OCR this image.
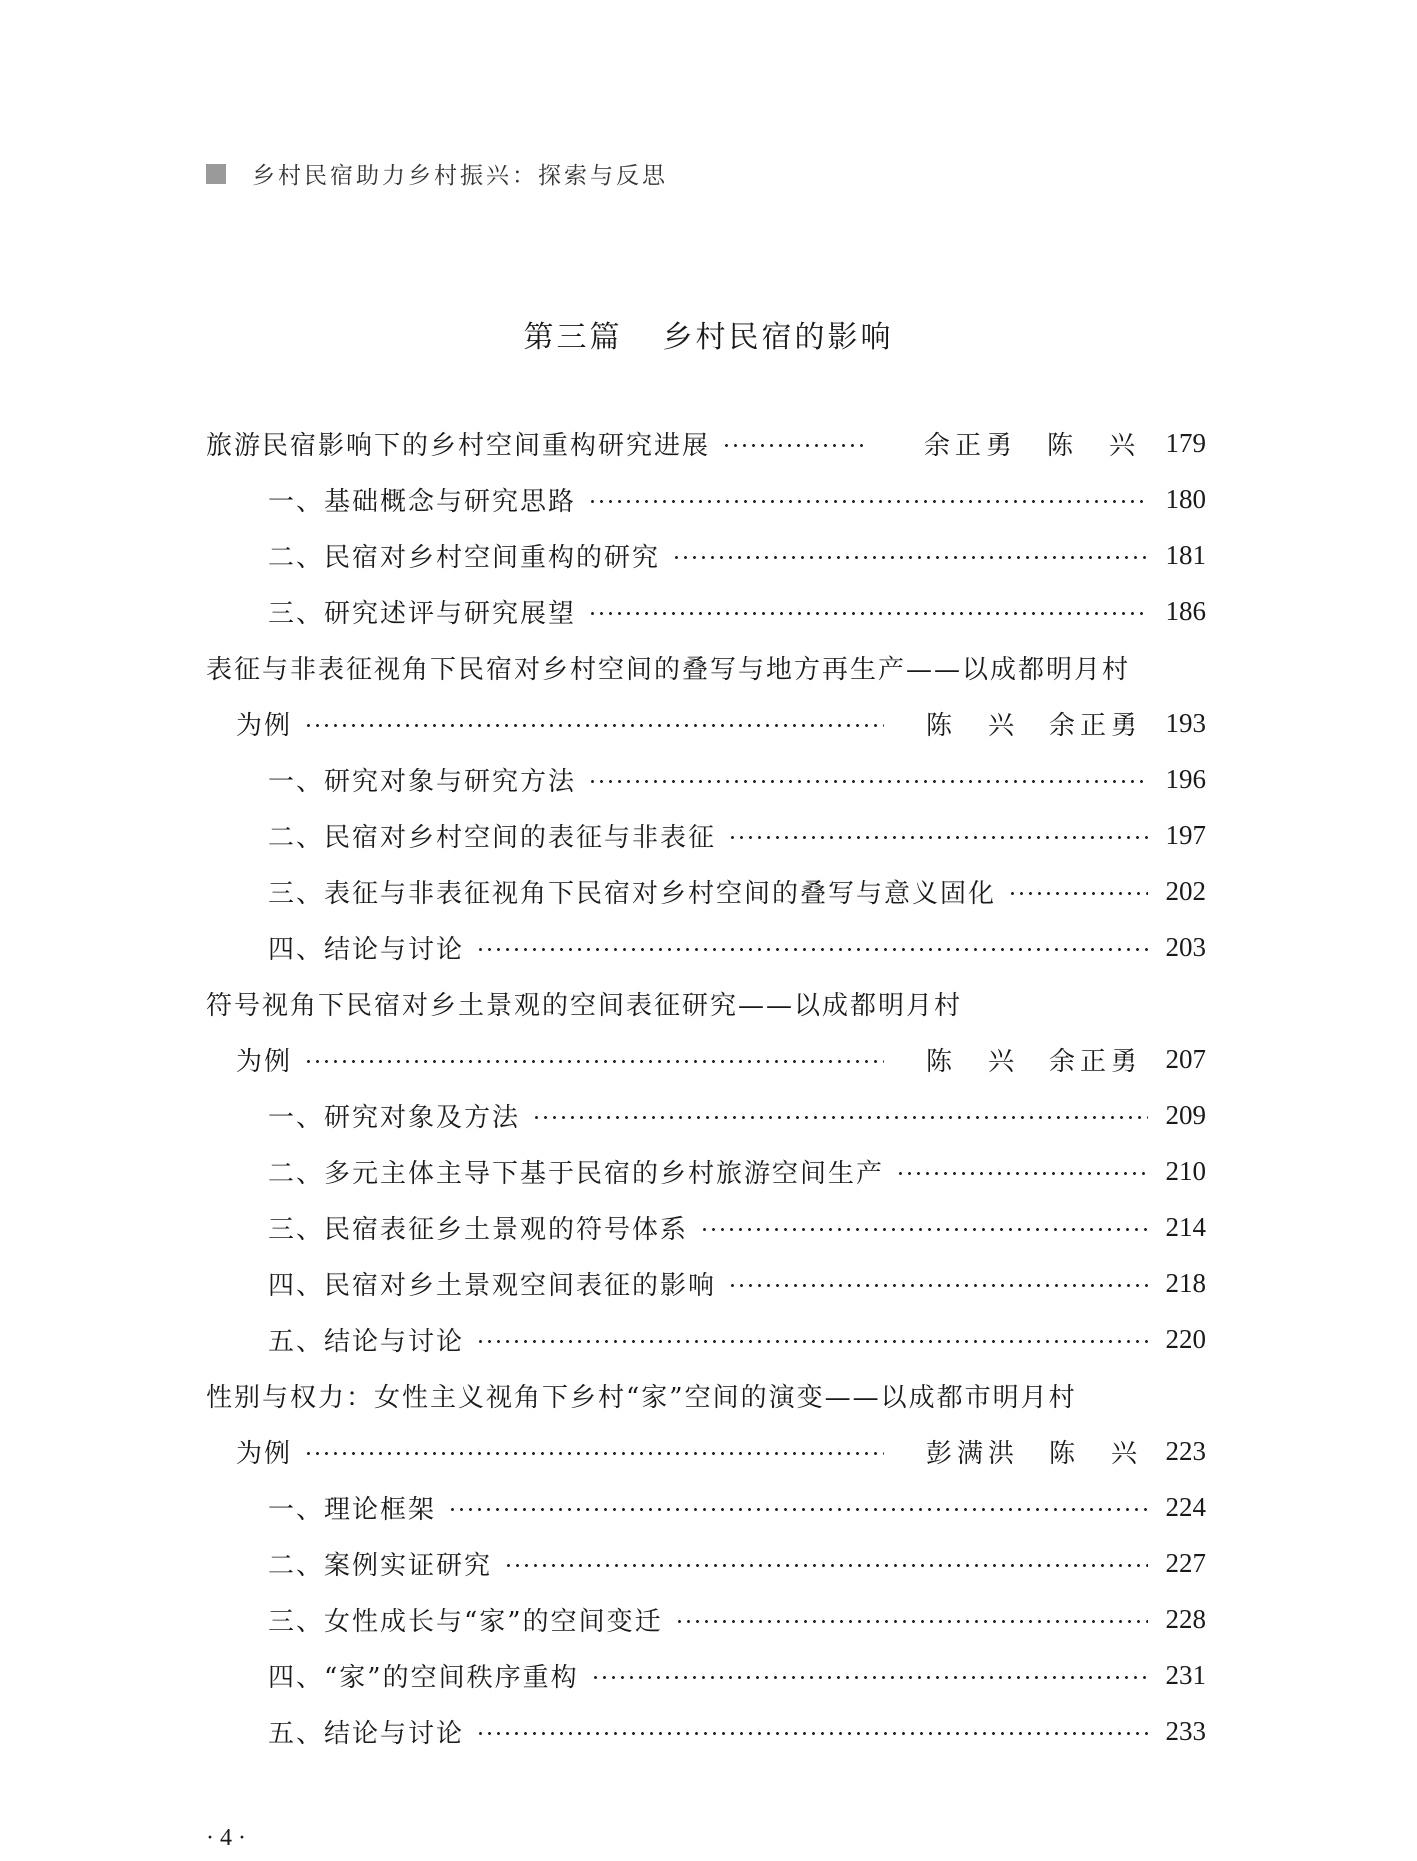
乡村民宿助力乡村振兴：探索与反思
第三篇 乡村民宿的影响
旅游民宿影响下的乡村空间重构研究进展	余正勇 陈　兴 179
一、基础概念与研究思路	180
二、民宿对乡村空间重构的研究	181
三、研究述评与研究展望	186
表征与非表征视角下民宿对乡村空间的叠写与地方再生产——以成都明月村
为例	陈　兴 余正勇 193
一、研究对象与研究方法	196
二、民宿对乡村空间的表征与非表征	197
三、表征与非表征视角下民宿对乡村空间的叠写与意义固化	202
四、结论与讨论	203
符号视角下民宿对乡土景观的空间表征研究——以成都明月村
为例	陈　兴 余正勇 207
一、研究对象及方法	209
二、多元主体主导下基于民宿的乡村旅游空间生产	210
三、民宿表征乡土景观的符号体系	214
四、民宿对乡土景观空间表征的影响	218
五、结论与讨论	220
性别与权力：女性主义视角下乡村“家”空间的演变——以成都市明月村
为例	彭满洪 陈　兴 223
一、理论框架	224
二、案例实证研究	227
三、女性成长与“家”的空间变迁	228
四、“家”的空间秩序重构	231
五、结论与讨论	233
· 4 ·
